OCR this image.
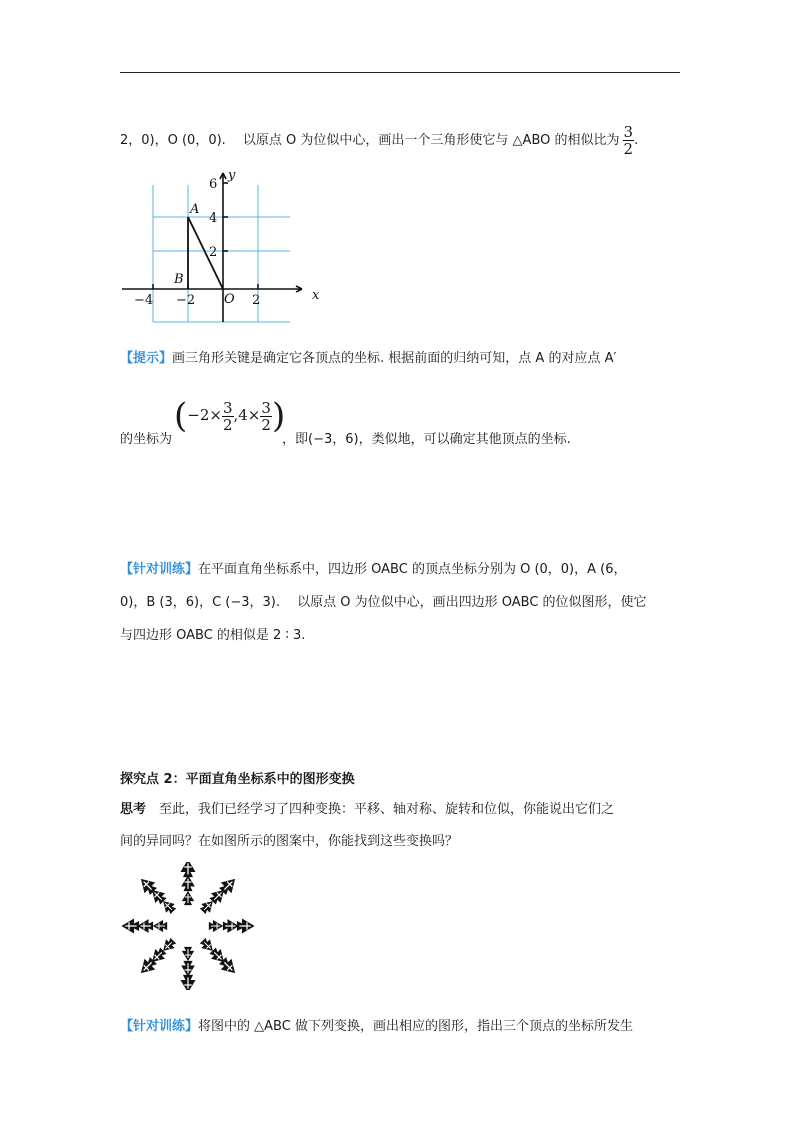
2，0)，O (0，0). 　以原点 O 为位似中心，画出一个三角形使它与 △ABO 的相似比为 $\frac{3}{2}$ .
y
x
O
A
B
−4 −2	2
6
4
2
【提示】画三角形关键是确定它各顶点的坐标. 根据前面的归纳可知，点 A 的对应点 A′
的坐标为
($-2\times \frac{3}{2} ,4\times \frac{3}{2}$ )
，即(−3，6)，类似地，可以确定其他顶点的坐标.
【针对训练】在平面直角坐标系中，四边形 OABC 的顶点坐标分别为 O (0，0)，A (6，
0)，B (3，6)，C (−3，3). 　以原点 O 为位似中心，画出四边形 OABC 的位似图形，使它
与四边形 OABC 的相似是 2 ∶ 3.
探究点 2：平面直角坐标系中的图形变换
思考　至此，我们已经学习了四种变换：平移、轴对称、旋转和位似，你能说出它们之
间的异同吗？在如图所示的图案中，你能找到这些变换吗？
【针对训练】将图中的 △ABC 做下列变换，画出相应的图形，指出三个顶点的坐标所发生
